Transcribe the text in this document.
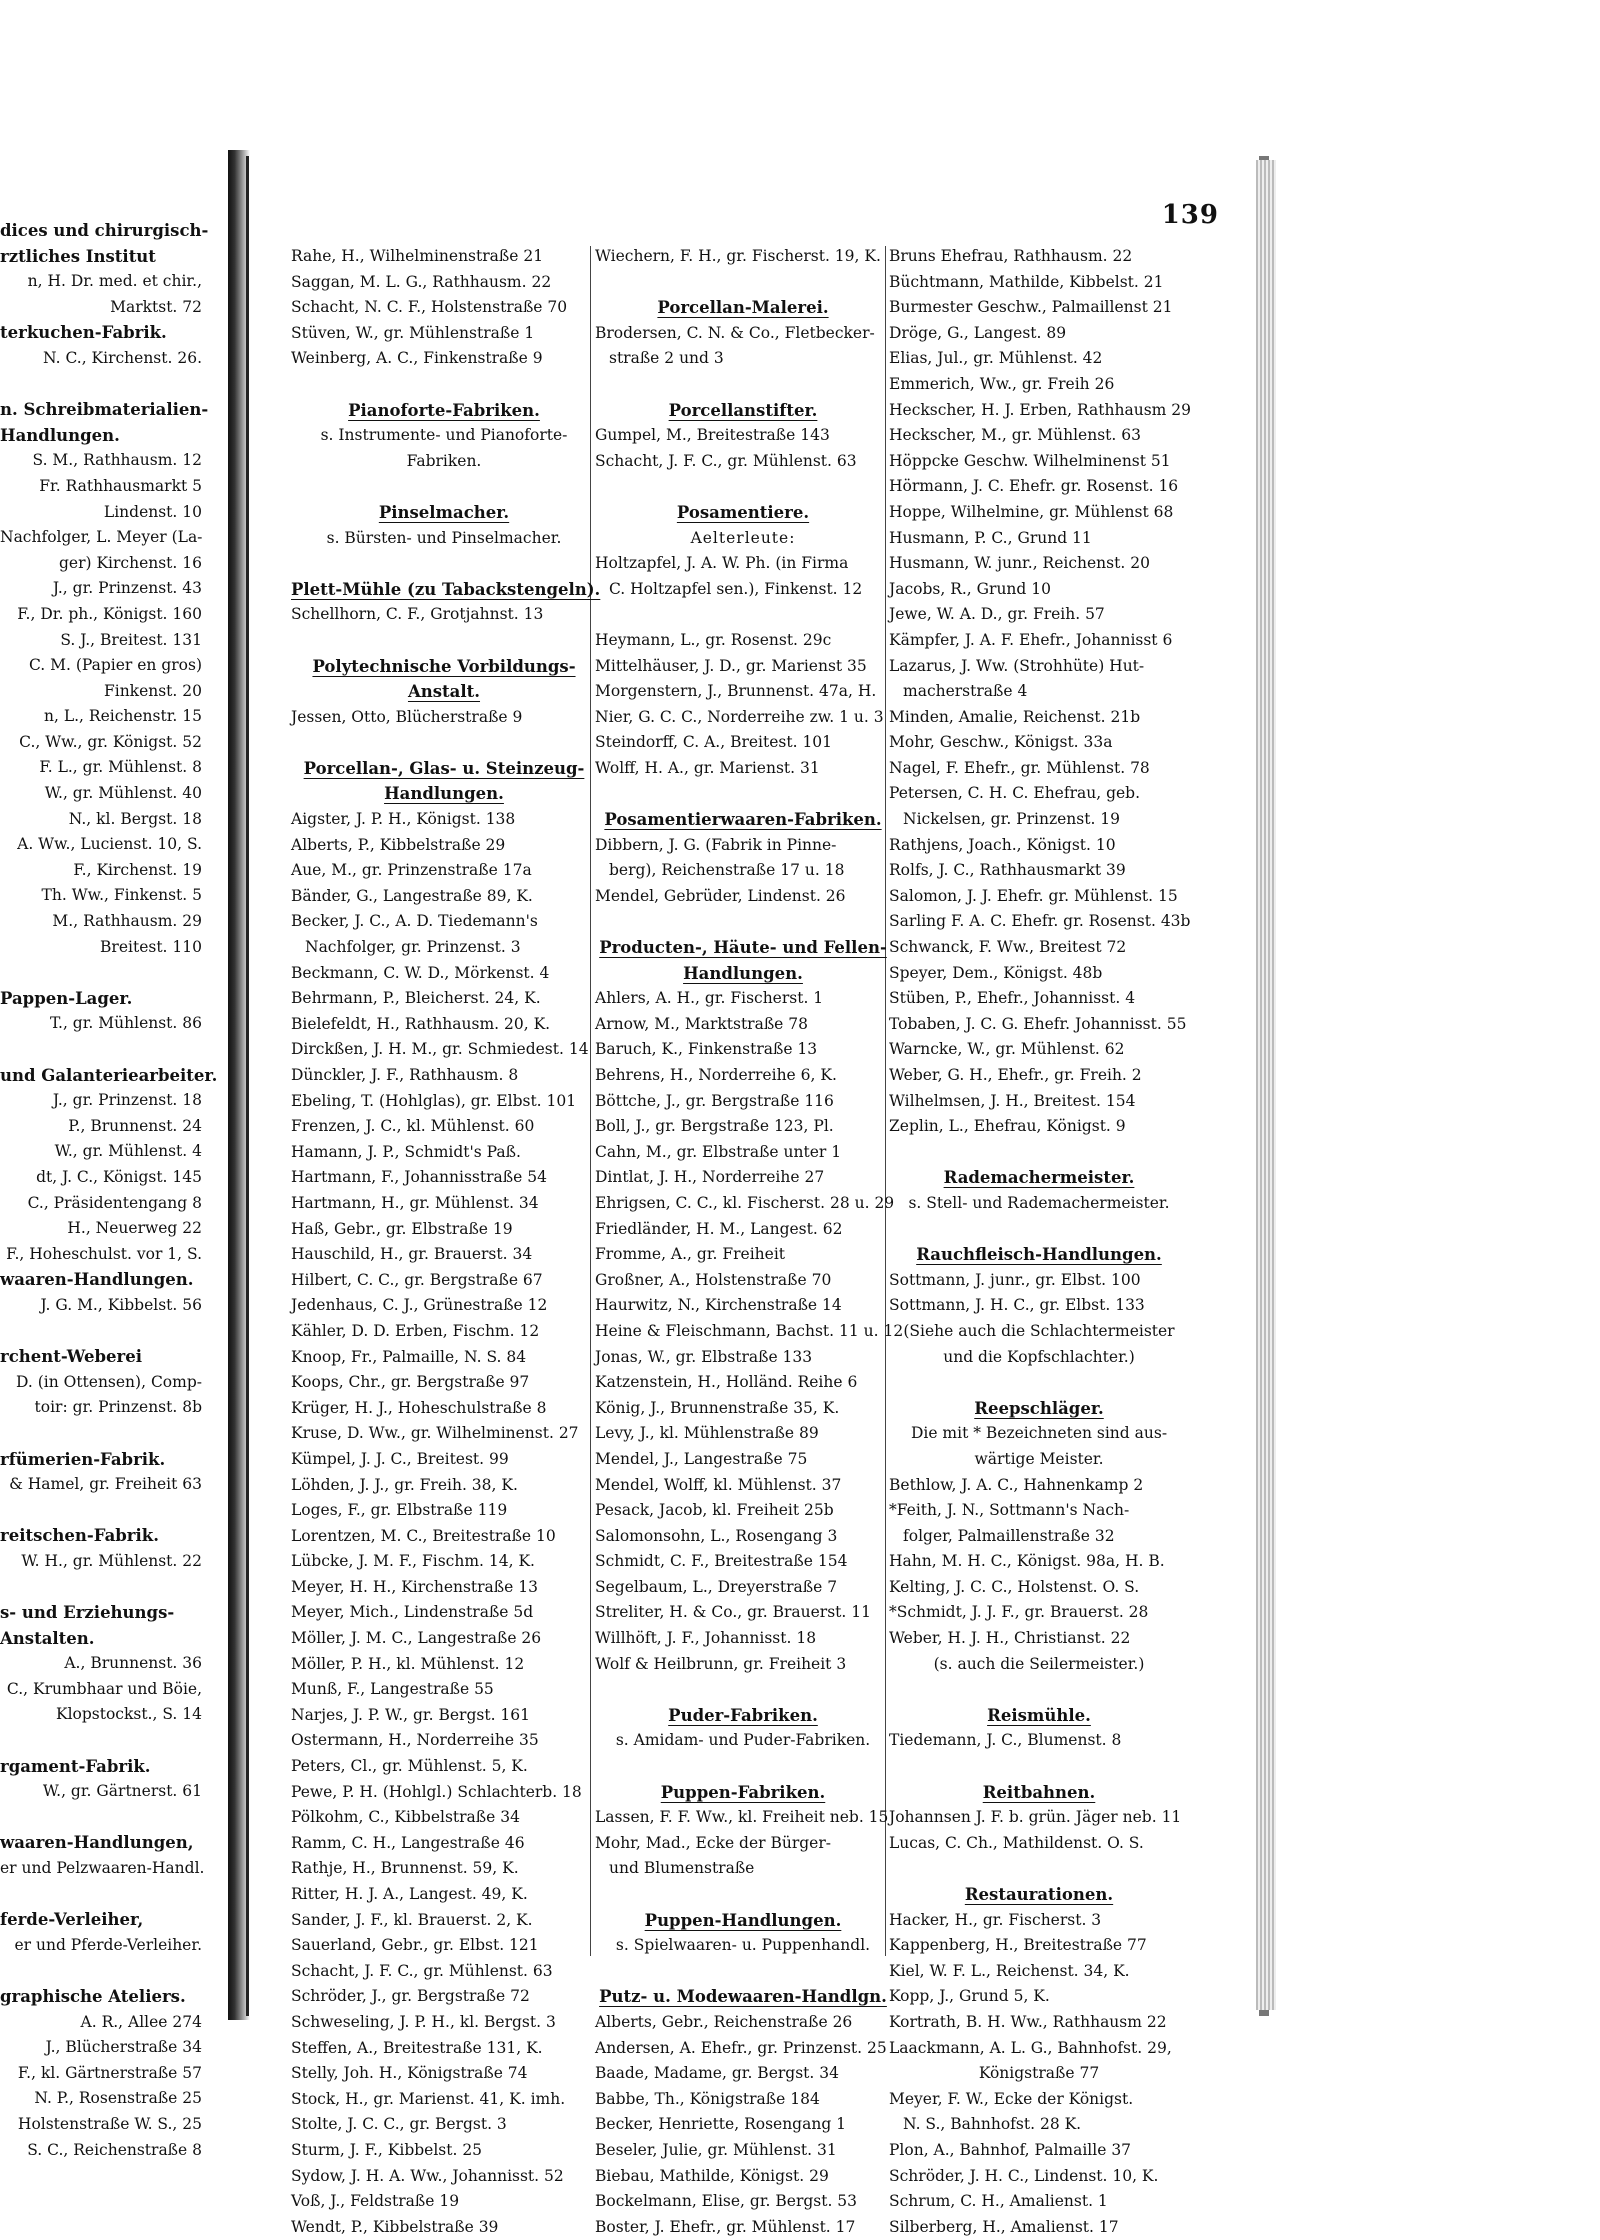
dices und chirurgisch-
rztliches Institut
n, H. Dr. med. et chir.,
Marktst. 72
terkuchen-Fabrik.
N. C., Kirchenst. 26.
n. Schreibmaterialien-
Handlungen.
S. M., Rathhausm. 12
Fr. Rathhausmarkt 5
Lindenst. 10
Nachfolger, L. Meyer (La-
ger) Kirchenst. 16
J., gr. Prinzenst. 43
F., Dr. ph., Königst. 160
S. J., Breitest. 131
C. M. (Papier en gros)
Finkenst. 20
n, L., Reichenstr. 15
C., Ww., gr. Königst. 52
F. L., gr. Mühlenst. 8
W., gr. Mühlenst. 40
N., kl. Bergst. 18
A. Ww., Lucienst. 10, S.
F., Kirchenst. 19
Th. Ww., Finkenst. 5
M., Rathhausm. 29
Breitest. 110
Pappen-Lager.
T., gr. Mühlenst. 86
und Galanteriearbeiter.
J., gr. Prinzenst. 18
P., Brunnenst. 24
W., gr. Mühlenst. 4
dt, J. C., Königst. 145
C., Präsidentengang 8
H., Neuerweg 22
F., Hoheschulst. vor 1, S.
waaren-Handlungen.
J. G. M., Kibbelst. 56
rchent-Weberei
D. (in Ottensen), Comp-
toir: gr. Prinzenst. 8b
rfümerien-Fabrik.
& Hamel, gr. Freiheit 63
reitschen-Fabrik.
W. H., gr. Mühlenst. 22
s- und Erziehungs-
Anstalten.
A., Brunnenst. 36
C., Krumbhaar und Böie,
Klopstockst., S. 14
rgament-Fabrik.
W., gr. Gärtnerst. 61
waaren-Handlungen,
er und Pelzwaaren-Handl.
ferde-Verleiher,
er und Pferde-Verleiher.
graphische Ateliers.
A. R., Allee 274
J., Blücherstraße 34
F., kl. Gärtnerstraße 57
N. P., Rosenstraße 25
Holstenstraße W. S., 25
S. C., Reichenstraße 8
139
Rahe, H., Wilhelminenstraße 21
Saggan, M. L. G., Rathhausm. 22
Schacht, N. C. F., Holstenstraße 70
Stüven, W., gr. Mühlenstraße 1
Weinberg, A. C., Finkenstraße 9
Pianoforte-Fabriken.
s. Instrumente- und Pianoforte-
Fabriken.
Pinselmacher.
s. Bürsten- und Pinselmacher.
Plett-Mühle (zu Tabackstengeln).
Schellhorn, C. F., Grotjahnst. 13
Polytechnische Vorbildungs-
Anstalt.
Jessen, Otto, Blücherstraße 9
Porcellan-, Glas- u. Steinzeug-
Handlungen.
Aigster, J. P. H., Königst. 138
Alberts, P., Kibbelstraße 29
Aue, M., gr. Prinzenstraße 17a
Bänder, G., Langestraße 89, K.
Becker, J. C., A. D. Tiedemann's
Nachfolger, gr. Prinzenst. 3
Beckmann, C. W. D., Mörkenst. 4
Behrmann, P., Bleicherst. 24, K.
Bielefeldt, H., Rathhausm. 20, K.
Dirckßen, J. H. M., gr. Schmiedest. 14
Dünckler, J. F., Rathhausm. 8
Ebeling, T. (Hohlglas), gr. Elbst. 101
Frenzen, J. C., kl. Mühlenst. 60
Hamann, J. P., Schmidt's Paß.
Hartmann, F., Johannisstraße 54
Hartmann, H., gr. Mühlenst. 34
Haß, Gebr., gr. Elbstraße 19
Hauschild, H., gr. Brauerst. 34
Hilbert, C. C., gr. Bergstraße 67
Jedenhaus, C. J., Grünestraße 12
Kähler, D. D. Erben, Fischm. 12
Knoop, Fr., Palmaille, N. S. 84
Koops, Chr., gr. Bergstraße 97
Krüger, H. J., Hoheschulstraße 8
Kruse, D. Ww., gr. Wilhelminenst. 27
Kümpel, J. J. C., Breitest. 99
Löhden, J. J., gr. Freih. 38, K.
Loges, F., gr. Elbstraße 119
Lorentzen, M. C., Breitestraße 10
Lübcke, J. M. F., Fischm. 14, K.
Meyer, H. H., Kirchenstraße 13
Meyer, Mich., Lindenstraße 5d
Möller, J. M. C., Langestraße 26
Möller, P. H., kl. Mühlenst. 12
Munß, F., Langestraße 55
Narjes, J. P. W., gr. Bergst. 161
Ostermann, H., Norderreihe 35
Peters, Cl., gr. Mühlenst. 5, K.
Pewe, P. H. (Hohlgl.) Schlachterb. 18
Pölkohm, C., Kibbelstraße 34
Ramm, C. H., Langestraße 46
Rathje, H., Brunnenst. 59, K.
Ritter, H. J. A., Langest. 49, K.
Sander, J. F., kl. Brauerst. 2, K.
Sauerland, Gebr., gr. Elbst. 121
Schacht, J. F. C., gr. Mühlenst. 63
Schröder, J., gr. Bergstraße 72
Schweseling, J. P. H., kl. Bergst. 3
Steffen, A., Breitestraße 131, K.
Stelly, Joh. H., Königstraße 74
Stock, H., gr. Marienst. 41, K. imh.
Stolte, J. C. C., gr. Bergst. 3
Sturm, J. F., Kibbelst. 25
Sydow, J. H. A. Ww., Johannisst. 52
Voß, J., Feldstraße 19
Wendt, P., Kibbelstraße 39
Wiechern, F. H., gr. Fischerst. 19, K.
Porcellan-Malerei.
Brodersen, C. N. & Co., Fletbecker-
straße 2 und 3
Porcellanstifter.
Gumpel, M., Breitestraße 143
Schacht, J. F. C., gr. Mühlenst. 63
Posamentiere.
Aelterleute:
Holtzapfel, J. A. W. Ph. (in Firma
C. Holtzapfel sen.), Finkenst. 12
Heymann, L., gr. Rosenst. 29c
Mittelhäuser, J. D., gr. Marienst 35
Morgenstern, J., Brunnenst. 47a, H.
Nier, G. C. C., Norderreihe zw. 1 u. 3
Steindorff, C. A., Breitest. 101
Wolff, H. A., gr. Marienst. 31
Posamentierwaaren-Fabriken.
Dibbern, J. G. (Fabrik in Pinne-
berg), Reichenstraße 17 u. 18
Mendel, Gebrüder, Lindenst. 26
Producten-, Häute- und Fellen-
Handlungen.
Ahlers, A. H., gr. Fischerst. 1
Arnow, M., Marktstraße 78
Baruch, K., Finkenstraße 13
Behrens, H., Norderreihe 6, K.
Böttche, J., gr. Bergstraße 116
Boll, J., gr. Bergstraße 123, Pl.
Cahn, M., gr. Elbstraße unter 1
Dintlat, J. H., Norderreihe 27
Ehrigsen, C. C., kl. Fischerst. 28 u. 29
Friedländer, H. M., Langest. 62
Fromme, A., gr. Freiheit
Großner, A., Holstenstraße 70
Haurwitz, N., Kirchenstraße 14
Heine & Fleischmann, Bachst. 11 u. 12
Jonas, W., gr. Elbstraße 133
Katzenstein, H., Holländ. Reihe 6
König, J., Brunnenstraße 35, K.
Levy, J., kl. Mühlenstraße 89
Mendel, J., Langestraße 75
Mendel, Wolff, kl. Mühlenst. 37
Pesack, Jacob, kl. Freiheit 25b
Salomonsohn, L., Rosengang 3
Schmidt, C. F., Breitestraße 154
Segelbaum, L., Dreyerstraße 7
Streliter, H. & Co., gr. Brauerst. 11
Willhöft, J. F., Johannisst. 18
Wolf & Heilbrunn, gr. Freiheit 3
Puder-Fabriken.
s. Amidam- und Puder-Fabriken.
Puppen-Fabriken.
Lassen, F. F. Ww., kl. Freiheit neb. 15
Mohr, Mad., Ecke der Bürger-
und Blumenstraße
Puppen-Handlungen.
s. Spielwaaren- u. Puppenhandl.
Putz- u. Modewaaren-Handlgn.
Alberts, Gebr., Reichenstraße 26
Andersen, A. Ehefr., gr. Prinzenst. 25
Baade, Madame, gr. Bergst. 34
Babbe, Th., Königstraße 184
Becker, Henriette, Rosengang 1
Beseler, Julie, gr. Mühlenst. 31
Biebau, Mathilde, Königst. 29
Bockelmann, Elise, gr. Bergst. 53
Boster, J. Ehefr., gr. Mühlenst. 17
Bruns Ehefrau, Rathhausm. 22
Büchtmann, Mathilde, Kibbelst. 21
Burmester Geschw., Palmaillenst 21
Dröge, G., Langest. 89
Elias, Jul., gr. Mühlenst. 42
Emmerich, Ww., gr. Freih 26
Heckscher, H. J. Erben, Rathhausm 29
Heckscher, M., gr. Mühlenst. 63
Höppcke Geschw. Wilhelminenst 51
Hörmann, J. C. Ehefr. gr. Rosenst. 16
Hoppe, Wilhelmine, gr. Mühlenst 68
Husmann, P. C., Grund 11
Husmann, W. junr., Reichenst. 20
Jacobs, R., Grund 10
Jewe, W. A. D., gr. Freih. 57
Kämpfer, J. A. F. Ehefr., Johannisst 6
Lazarus, J. Ww. (Strohhüte) Hut-
macherstraße 4
Minden, Amalie, Reichenst. 21b
Mohr, Geschw., Königst. 33a
Nagel, F. Ehefr., gr. Mühlenst. 78
Petersen, C. H. C. Ehefrau, geb.
Nickelsen, gr. Prinzenst. 19
Rathjens, Joach., Königst. 10
Rolfs, J. C., Rathhausmarkt 39
Salomon, J. J. Ehefr. gr. Mühlenst. 15
Sarling F. A. C. Ehefr. gr. Rosenst. 43b
Schwanck, F. Ww., Breitest 72
Speyer, Dem., Königst. 48b
Stüben, P., Ehefr., Johannisst. 4
Tobaben, J. C. G. Ehefr. Johannisst. 55
Warncke, W., gr. Mühlenst. 62
Weber, G. H., Ehefr., gr. Freih. 2
Wilhelmsen, J. H., Breitest. 154
Zeplin, L., Ehefrau, Königst. 9
Rademachermeister.
s. Stell- und Rademachermeister.
Rauchfleisch-Handlungen.
Sottmann, J. junr., gr. Elbst. 100
Sottmann, J. H. C., gr. Elbst. 133
(Siehe auch die Schlachtermeister
und die Kopfschlachter.)
Reepschläger.
Die mit * Bezeichneten sind aus-
wärtige Meister.
Bethlow, J. A. C., Hahnenkamp 2
*Feith, J. N., Sottmann's Nach-
folger, Palmaillenstraße 32
Hahn, M. H. C., Königst. 98a, H. B.
Kelting, J. C. C., Holstenst. O. S.
*Schmidt, J. J. F., gr. Brauerst. 28
Weber, H. J. H., Christianst. 22
(s. auch die Seilermeister.)
Reismühle.
Tiedemann, J. C., Blumenst. 8
Reitbahnen.
Johannsen J. F. b. grün. Jäger neb. 11
Lucas, C. Ch., Mathildenst. O. S.
Restaurationen.
Hacker, H., gr. Fischerst. 3
Kappenberg, H., Breitestraße 77
Kiel, W. F. L., Reichenst. 34, K.
Kopp, J., Grund 5, K.
Kortrath, B. H. Ww., Rathhausm 22
Laackmann, A. L. G., Bahnhofst. 29,
Königstraße 77
Meyer, F. W., Ecke der Königst.
N. S., Bahnhofst. 28 K.
Plon, A., Bahnhof, Palmaille 37
Schröder, J. H. C., Lindenst. 10, K.
Schrum, C. H., Amalienst. 1
Silberberg, H., Amalienst. 17
